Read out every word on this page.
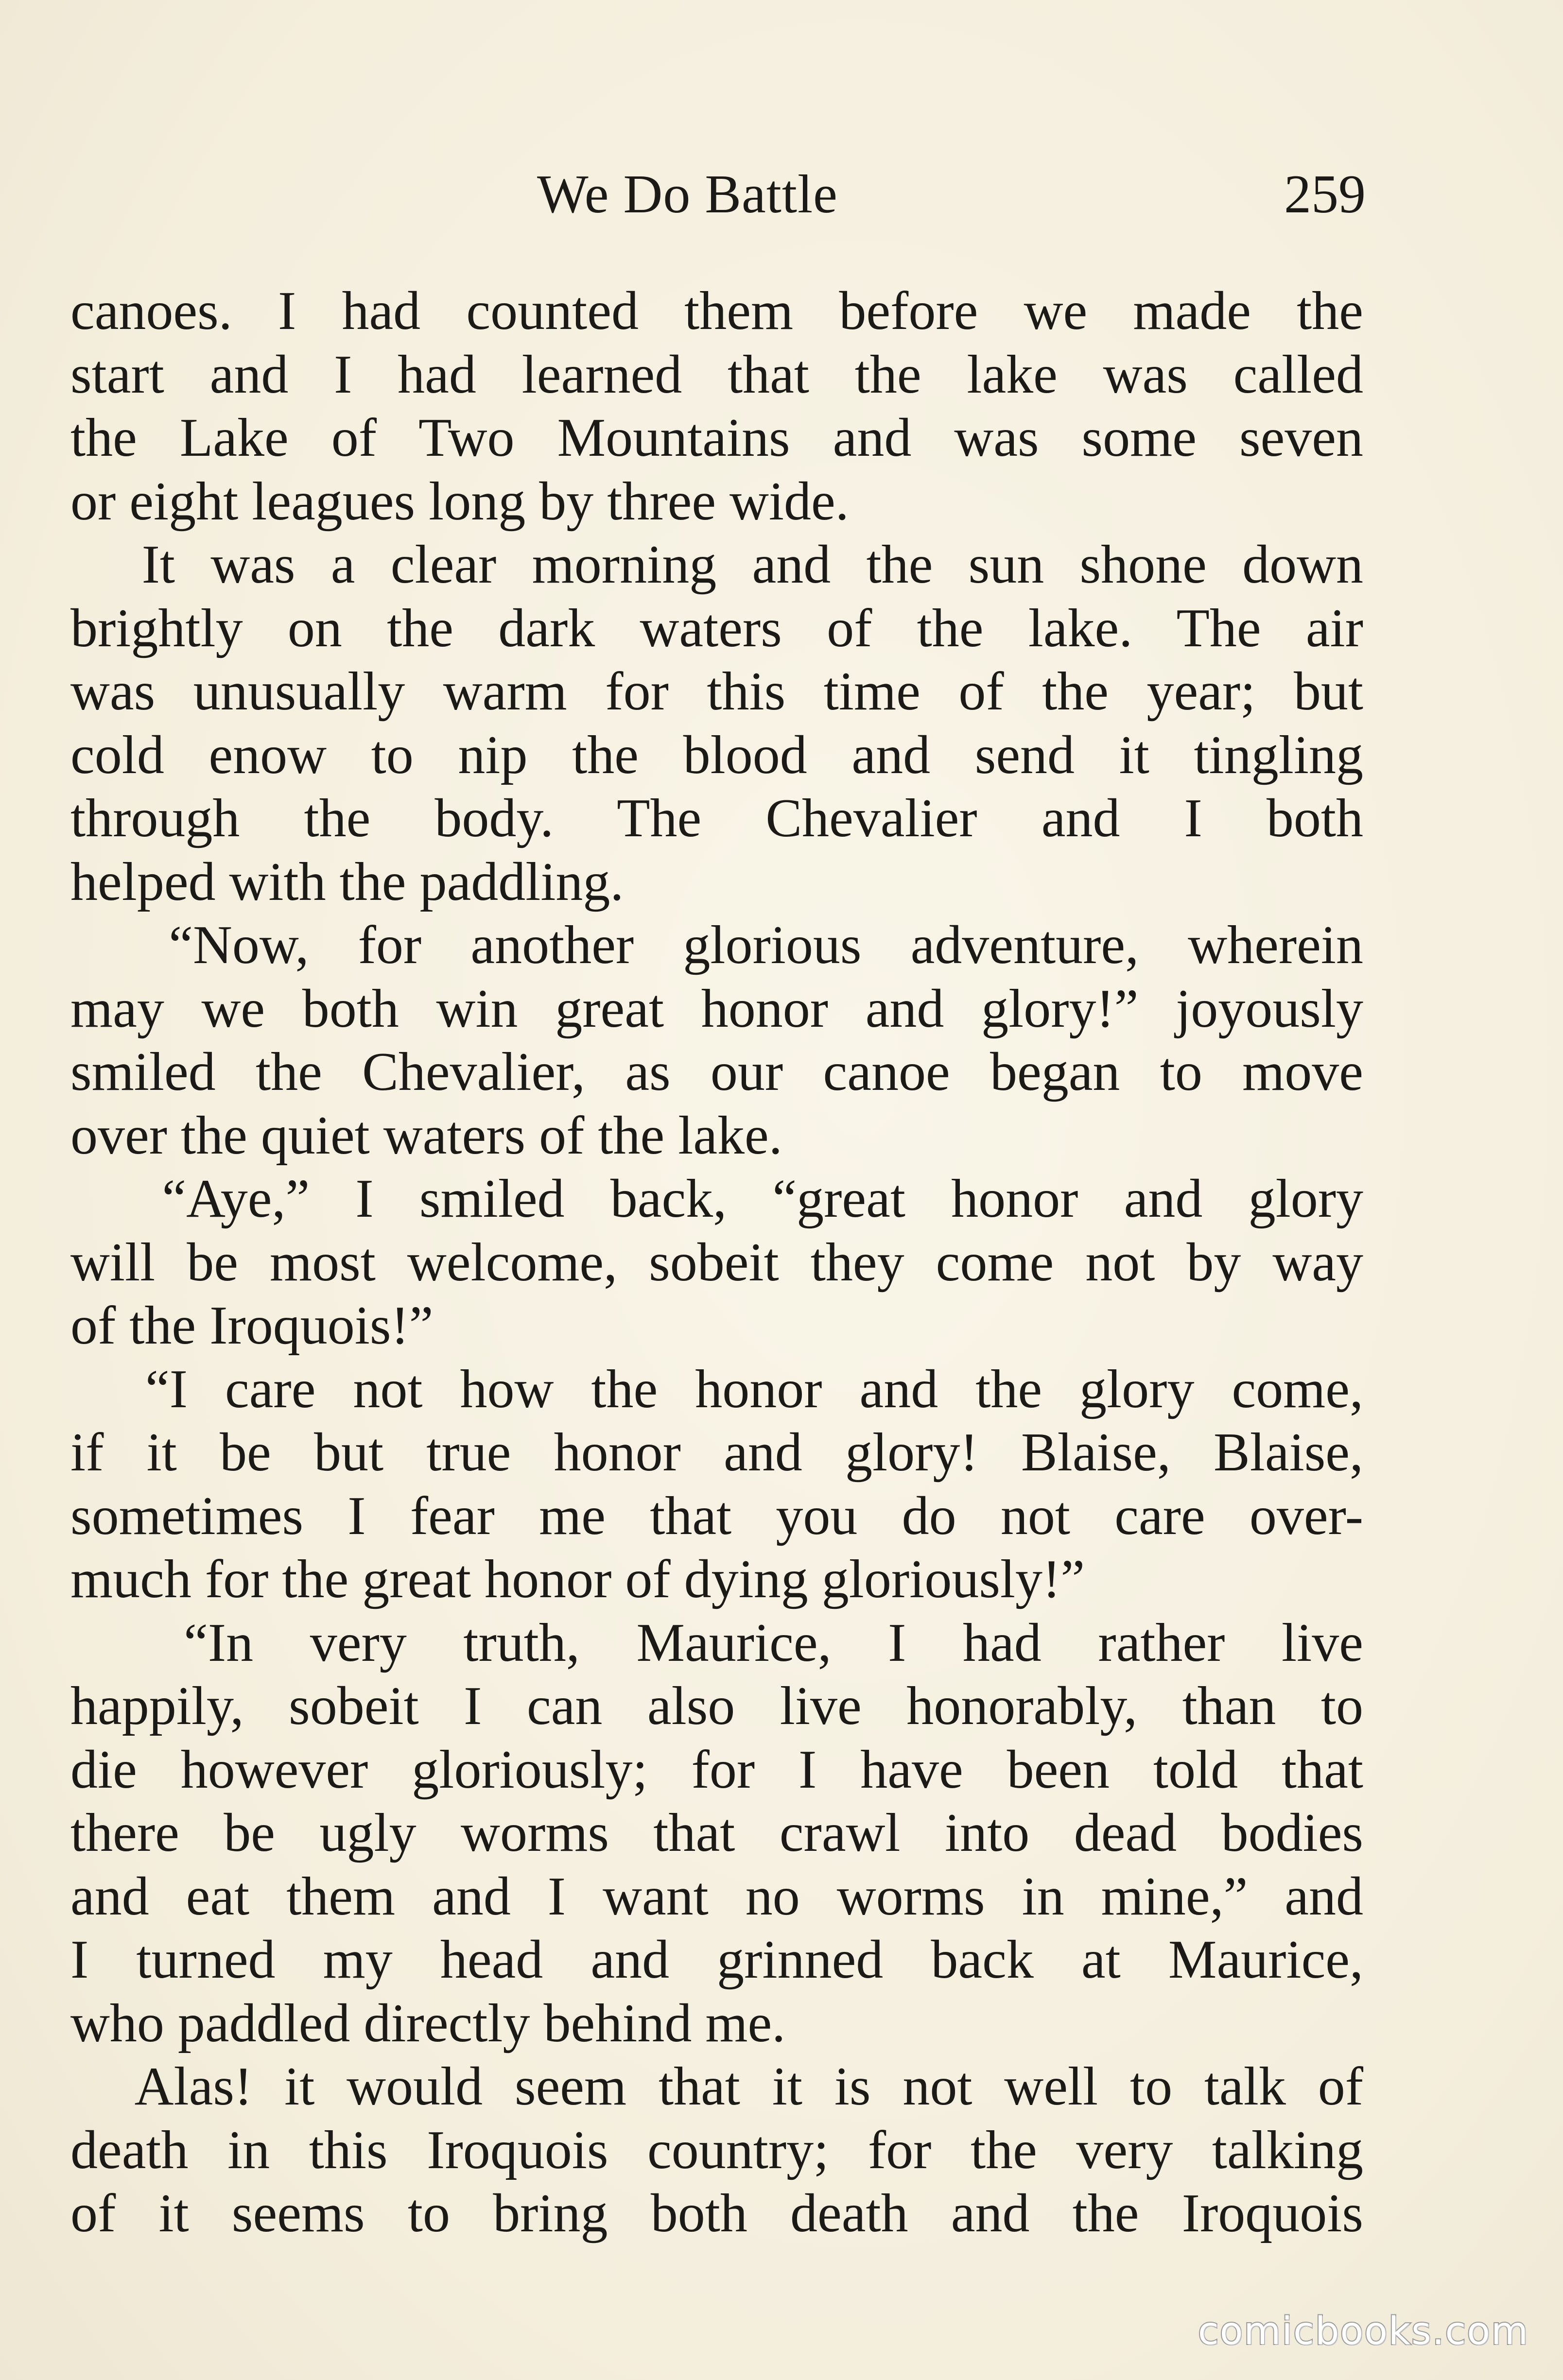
We Do Battle	259
canoes. I had counted them before we made the
start and I had learned that the lake was called
the Lake of Two Mountains and was some seven
or eight leagues long by three wide.
It was a clear morning and the sun shone down
brightly on the dark waters of the lake. The air
was unusually warm for this time of the year; but
cold enow to nip the blood and send it tingling
through the body. The Chevalier and I both
helped with the paddling.
“Now, for another glorious adventure, wherein
may we both win great honor and glory!” joyously
smiled the Chevalier, as our canoe began to move
over the quiet waters of the lake.
“Aye,” I smiled back, “great honor and glory
will be most welcome, sobeit they come not by way
of the Iroquois!”
“I care not how the honor and the glory come,
if it be but true honor and glory! Blaise, Blaise,
sometimes I fear me that you do not care over-
much for the great honor of dying gloriously!”
“In very truth, Maurice, I had rather live
happily, sobeit I can also live honorably, than to
die however gloriously; for I have been told that
there be ugly worms that crawl into dead bodies
and eat them and I want no worms in mine,” and
I turned my head and grinned back at Maurice,
who paddled directly behind me.
Alas! it would seem that it is not well to talk of
death in this Iroquois country; for the very talking
of it seems to bring both death and the Iroquois
comicbooks.com
